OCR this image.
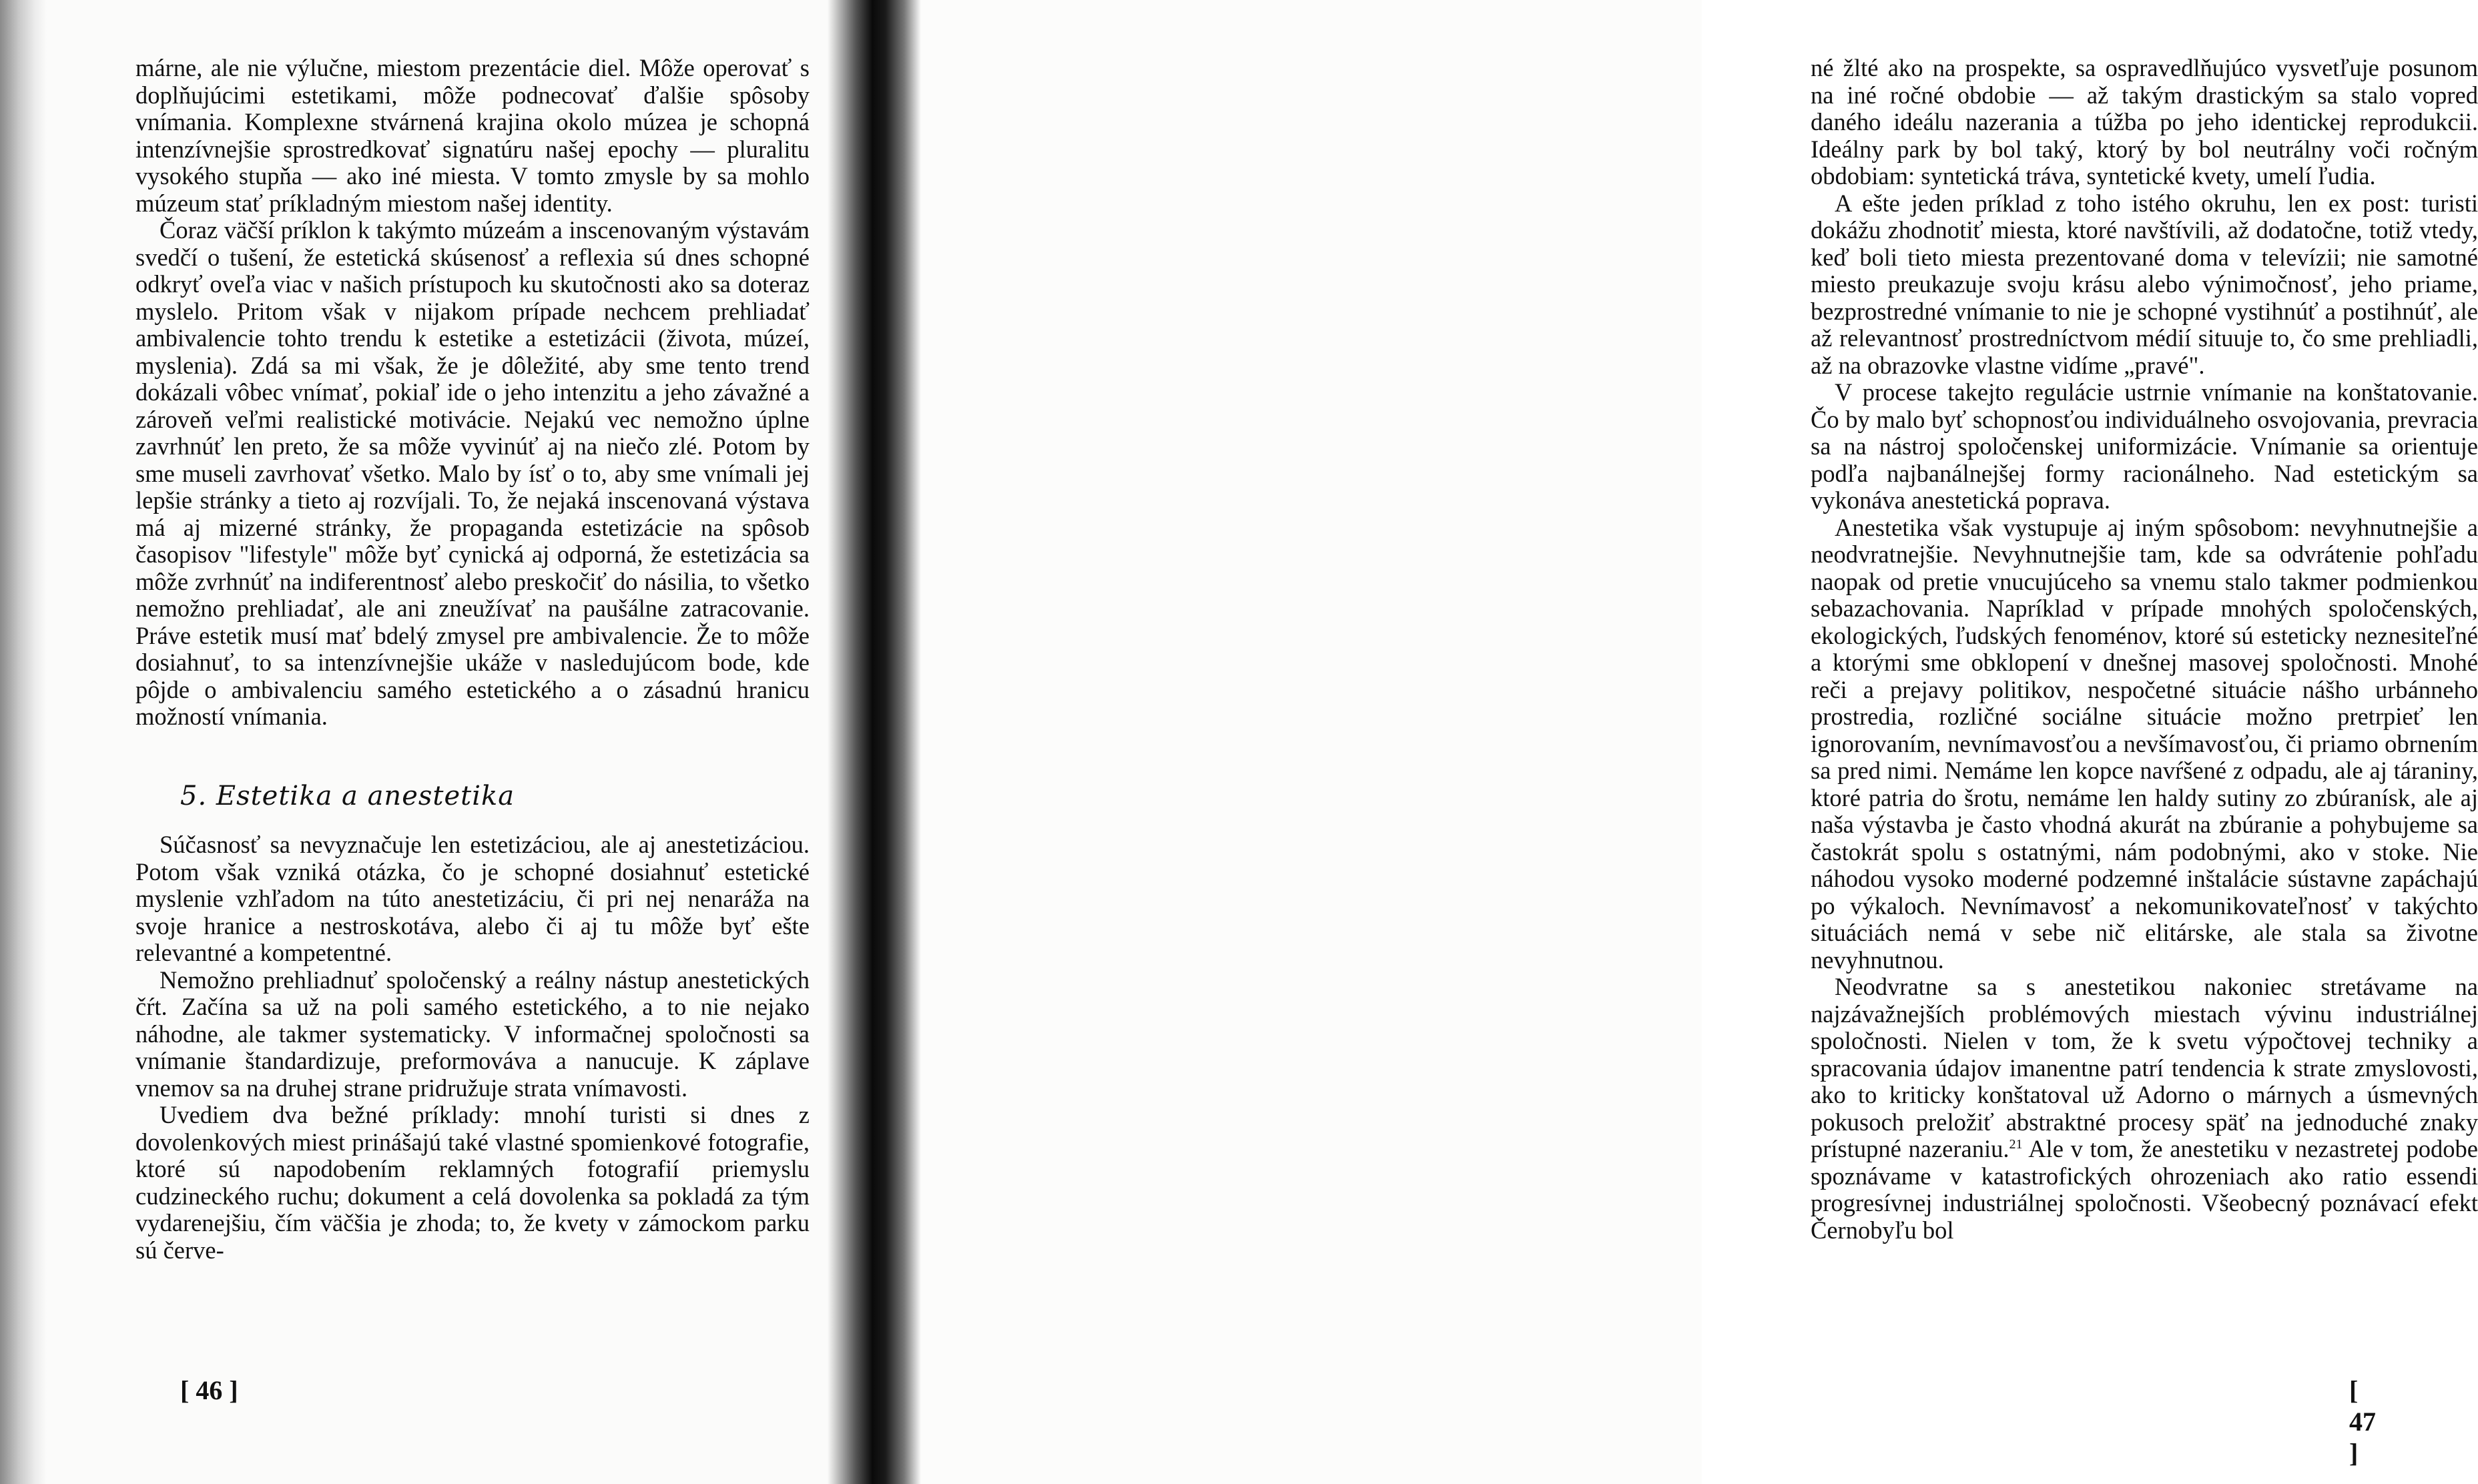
márne, ale nie výlučne, miestom prezentácie diel. Môže operovať s doplňujúcimi estetikami, môže podnecovať ďalšie spôsoby vnímania. Komplexne stvárnená krajina okolo múzea je schopná intenzívnejšie sprostredkovať signatúru našej epochy — pluralitu vysokého stupňa — ako iné miesta. V tomto zmysle by sa mohlo múzeum stať príkladným miestom našej identity.

Čoraz väčší príklon k takýmto múzeám a inscenovaným výstavám svedčí o tušení, že estetická skúsenosť a reflexia sú dnes schopné odkryť oveľa viac v našich prístupoch ku skutočnosti ako sa doteraz myslelo. Pritom však v nijakom prípade nechcem prehliadať ambivalencie tohto trendu k estetike a estetizácii (života, múzeí, myslenia). Zdá sa mi však, že je dôležité, aby sme tento trend dokázali vôbec vnímať, pokiaľ ide o jeho intenzitu a jeho závažné a zároveň veľmi realistické motivácie. Nejakú vec nemožno úplne zavrhnúť len preto, že sa môže vyvinúť aj na niečo zlé. Potom by sme museli zavrhovať všetko. Malo by ísť o to, aby sme vnímali jej lepšie stránky a tieto aj rozvíjali. To, že nejaká inscenovaná výstava má aj mizerné stránky, že propaganda estetizácie na spôsob časopisov "lifestyle" môže byť cynická aj odporná, že estetizácia sa môže zvrhnúť na indiferentnosť alebo preskočiť do násilia, to všetko nemožno prehliadať, ale ani zneužívať na paušálne zatracovanie. Práve estetik musí mať bdelý zmysel pre ambivalencie. Že to môže dosiahnuť, to sa intenzívnejšie ukáže v nasledujúcom bode, kde pôjde o ambivalenciu samého estetického a o zásadnú hranicu možností vnímania.

5. Estetika a anestetika

Súčasnosť sa nevyznačuje len estetizáciou, ale aj anestetizáciou. Potom však vzniká otázka, čo je schopné dosiahnuť estetické myslenie vzhľadom na túto anestetizáciu, či pri nej nenaráža na svoje hranice a nestroskotáva, alebo či aj tu môže byť ešte relevantné a kompetentné.

Nemožno prehliadnuť spoločenský a reálny nástup anestetických čŕt. Začína sa už na poli samého estetického, a to nie nejako náhodne, ale takmer systematicky. V informačnej spoločnosti sa vnímanie štandardizuje, preformováva a nanucuje. K záplave vnemov sa na druhej strane pridružuje strata vnímavosti.

Uvediem dva bežné príklady: mnohí turisti si dnes z dovolenkových miest prinášajú také vlastné spomienkové fotografie, ktoré sú napodobením reklamných fotografií priemyslu cudzineckého ruchu; dokument a celá dovolenka sa pokladá za tým vydarenejšiu, čím väčšia je zhoda; to, že kvety v zámockom parku sú červe-

[ 46 ]

né žlté ako na prospekte, sa ospravedlňujúco vysvetľuje posunom na iné ročné obdobie — až takým drastickým sa stalo vopred daného ideálu nazerania a túžba po jeho identickej reprodukcii. Ideálny park by bol taký, ktorý by bol neutrálny voči ročným obdobiam: syntetická tráva, syntetické kvety, umelí ľudia.

A ešte jeden príklad z toho istého okruhu, len ex post: turisti dokážu zhodnotiť miesta, ktoré navštívili, až dodatočne, totiž vtedy, keď boli tieto miesta prezentované doma v televízii; nie samotné miesto preukazuje svoju krásu alebo výnimočnosť, jeho priame, bezprostredné vnímanie to nie je schopné vystihnúť a postihnúť, ale až relevantnosť prostredníctvom médií situuje to, čo sme prehliadli, až na obrazovke vlastne vidíme „pravé".

V procese takejto regulácie ustrnie vnímanie na konštatovanie. Čo by malo byť schopnosťou individuálneho osvojovania, prevracia sa na nástroj spoločenskej uniformizácie. Vnímanie sa orientuje podľa najbanálnejšej formy racionálneho. Nad estetickým sa vykonáva anestetická poprava.

Anestetika však vystupuje aj iným spôsobom: nevyhnutnejšie a neodvratnejšie. Nevyhnutnejšie tam, kde sa odvrátenie pohľadu naopak od pretie vnucujúceho sa vnemu stalo takmer podmienkou sebazachovania. Napríklad v prípade mnohých spoločenských, ekologických, ľudských fenoménov, ktoré sú esteticky neznesiteľné a ktorými sme obklopení v dnešnej masovej spoločnosti. Mnohé reči a prejavy politikov, nespočetné situácie nášho urbánneho prostredia, rozličné sociálne situácie možno pretrpieť len ignorovaním, nevnímavosťou a nevšímavosťou, či priamo obrnením sa pred nimi. Nemáme len kopce navŕšené z odpadu, ale aj táraniny, ktoré patria do šrotu, nemáme len haldy sutiny zo zbúranísk, ale aj naša výstavba je často vhodná akurát na zbúranie a pohybujeme sa častokrát spolu s ostatnými, nám podobnými, ako v stoke. Nie náhodou vysoko moderné podzemné inštalácie sústavne zapáchajú po výkaloch. Nevnímavosť a nekomunikovateľnosť v takýchto situáciách nemá v sebe nič elitárske, ale stala sa životne nevyhnutnou.

Neodvratne sa s anestetikou nakoniec stretávame na najzávažnejších problémových miestach vývinu industriálnej spoločnosti. Nielen v tom, že k svetu výpočtovej techniky a spracovania údajov imanentne patrí tendencia k strate zmyslovosti, ako to kriticky konštatoval už Adorno o márnych a úsmevných pokusoch preložiť abstraktné procesy späť na jednoduché znaky prístupné nazeraniu.$^{21}$ Ale v tom, že anestetiku v nezastretej podobe spoznávame v katastrofických ohrozeniach ako ratio essendi progresívnej industriálnej spoločnosti. Všeobecný poznávací efekt Černobyľu bol

[ 47 ]
